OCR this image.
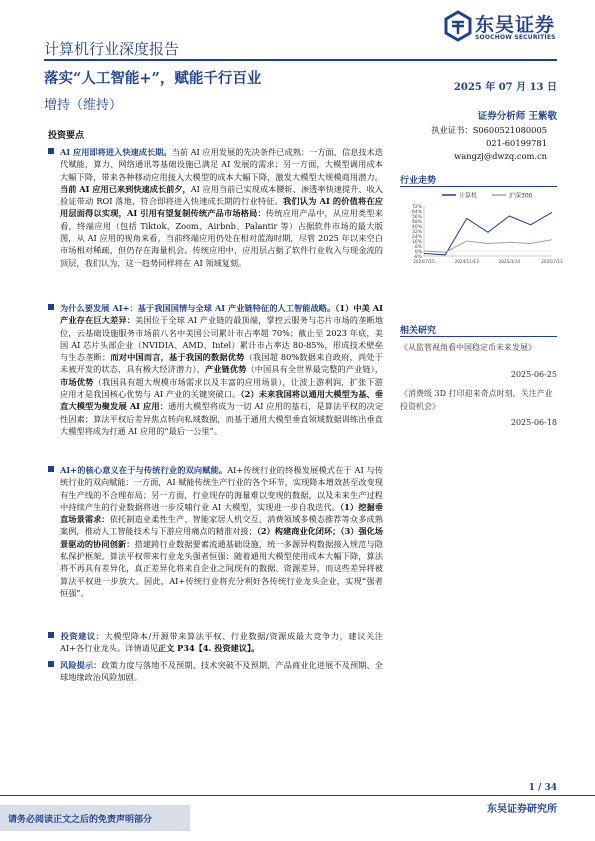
东吴证券
SOOCHOW SECURITIES
计算机行业深度报告
落实“人工智能+”，赋能千行百业
2025 年 07 月 13 日
增持（维持）
证券分析师 王紫敬
执业证书：S0600521080005
021-60199781
wangzj@dwzq.com.cn
投资要点

AI 应用即将进入快速成长期。当前 AI 应用发展的先决条件已成熟：一方面，信息技术迭代赋能，算力、网络通讯等基础设施已满足 AI 发展的需求；另一方面，大模型调用成本大幅下降，带来各种移动应用接入大模型的成本大幅下降，激发大模型大规模商用潜力。当前 AI 应用已来到快速成长前夕，AI 应用当前已实现成本腰斩、渗透率快速提升、收入验证带动 ROI 落地，符合即将进入快速成长期的行业特征。我们认为 AI 的价值将在应用层面得以实现，AI 引用有望复制传统产品市场格局：传统应用产品中，从应用类型来看，终端应用（包括 Tiktok、Zoom、Airbnb、Palantir 等）占据软件市场的最大版图，从 AI 应用的视角来看，当前终端应用仍处在相对蓝海时期，尽管 2025 年以来空白市场相对稀疏，但仍存在海量机会。传统应用中，应用层占据了软件行业收入与现金流的顶层，我们认为，这一趋势同样将在 AI 领域复刻。

为什么要发展 AI+：基于我国国情与全球 AI 产业链特征的人工智能战略。（1）中美 AI 产业存在巨大差异：美国位于全球 AI 产业链的最顶端，掌控云服务与芯片市场的垄断地位，云基础设施服务市场前八名中美国公司累计市占率超 70%；截止至 2023 年底，美国 AI 芯片头部企业（NVIDIA、AMD、Intel）累计市占率达 80-85%，形成技术壁垒与生态垄断；而对中国而言，基于我国的数据优势（我国超 80%数据来自政府，尚处于未被开发的状态，具有极大经济潜力），产业链优势（中国具有全世界最完整的产业链），市场优势（我国具有超大规模市场需求以及丰富的应用场景），让波上游利润，扩张下游应用才是我国核心优势与 AI 产业的关键突破口。（2）未来我国将以通用大模型为基、垂直大模型为聚发展 AI 应用：通用大模型将成为一切 AI 应用的基石，是算法平权的决定性因素；算法平权后差异焦点转向私域数据，而基于通用大模型垂直领域数据训练出垂直大模型将成为打通 AI 应用的“最后一公里”。

AI+的核心意义在于与传统行业的双向赋能。AI+传统行业的终极发展模式在于 AI 与传统行业的双向赋能：一方面，AI 赋能传统生产行业的各个环节，实现降本增效甚至改变现有生产线的不合理布局；另一方面，行业现存的海量难以变现的数据，以及未来生产过程中持续产生的行业数据将进一步反哺行业 AI 大模型，实现进一步自我迭代。（1）挖掘垂直场景需求：依托制造业柔性生产、智能家居人机交互、消费领域多模态推荐等众多成熟案例，推动人工智能技术与下游应用痛点的精准对接；（2）构建商业化闭环；（3）强化场景驱动的协同创新：搭建跨行业数据要素流通基础设施，统一多源异构数据接入规范与隐私保护框架。算法平权带来行业龙头强者恒强：随着通用大模型使用成本大幅下降，算法将不再具有差异化，真正差异化将来自企业之间现有的数据、资源差异，而这些差异将被算法平权进一步放大。因此，AI+传统行业将充分利好各传统行业龙头企业，实现“强者恒强”。

投资建议：大模型降本/开源带来算法平权、行业数据/资源成最大竞争力，建议关注 AI+各行业龙头。详情请见正文 P34【4. 投资建议】。

风险提示：政策力度与落地不及预期、技术突破不及预期、产品商业化进展不及预期、全球地缘政治风险加剧。

行业走势
计算机	沪深300
72%
64%
56%
48%
40%
32%
24%
16%
8%
0%
-8%
2024/7/15	2024/11/13	2025/3/14	2025/7/13
相关研究
《从监管视角看中国稳定币未来发展》
2025-06-25
《消费级 3D 打印迎来奇点时刻，关注产业投资机会》
2025-06-18
1 / 34
请务必阅读正文之后的免责声明部分
东吴证券研究所
